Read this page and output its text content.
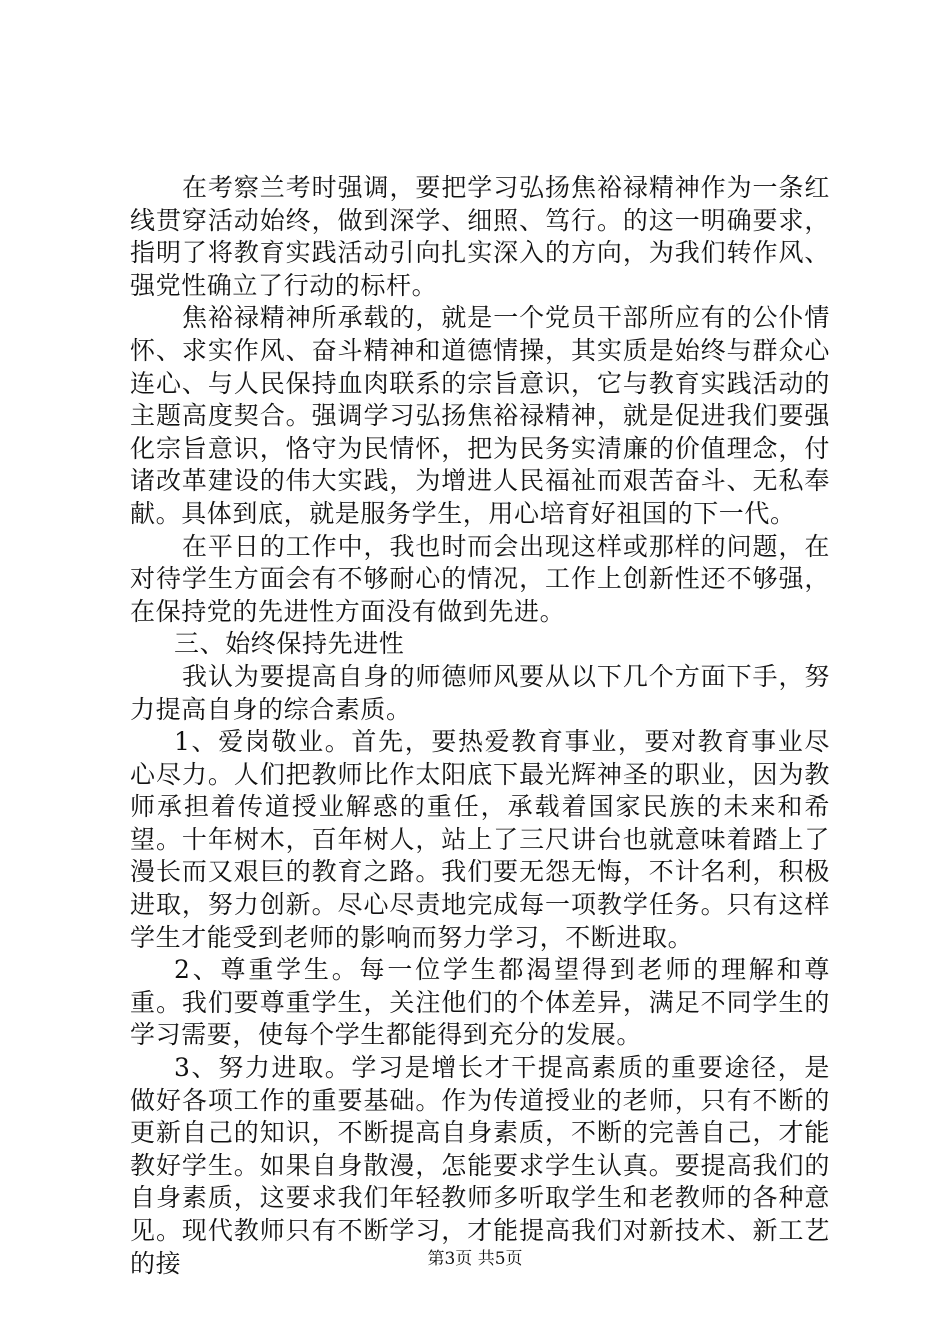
在考察兰考时强调，要把学习弘扬焦裕禄精神作为一条红线贯穿活动始终，做到深学、细照、笃行。的这一明确要求，指明了将教育实践活动引向扎实深入的方向，为我们转作风、强党性确立了行动的标杆。

焦裕禄精神所承载的，就是一个党员干部所应有的公仆情怀、求实作风、奋斗精神和道德情操，其实质是始终与群众心连心、与人民保持血肉联系的宗旨意识，它与教育实践活动的主题高度契合。强调学习弘扬焦裕禄精神，就是促进我们要强化宗旨意识，恪守为民情怀，把为民务实清廉的价值理念，付诸改革建设的伟大实践，为增进人民福祉而艰苦奋斗、无私奉献。具体到底，就是服务学生，用心培育好祖国的下一代。

在平日的工作中，我也时而会出现这样或那样的问题，在对待学生方面会有不够耐心的情况，工作上创新性还不够强，在保持党的先进性方面没有做到先进。

三、始终保持先进性

我认为要提高自身的师德师风要从以下几个方面下手，努力提高自身的综合素质。

1、爱岗敬业。首先，要热爱教育事业，要对教育事业尽心尽力。人们把教师比作太阳底下最光辉神圣的职业，因为教师承担着传道授业解惑的重任，承载着国家民族的未来和希望。十年树木，百年树人，站上了三尺讲台也就意味着踏上了漫长而又艰巨的教育之路。我们要无怨无悔，不计名利，积极进取，努力创新。尽心尽责地完成每一项教学任务。只有这样学生才能受到老师的影响而努力学习，不断进取。

2、尊重学生。每一位学生都渴望得到老师的理解和尊重。我们要尊重学生，关注他们的个体差异，满足不同学生的学习需要，使每个学生都能得到充分的发展。

3、努力进取。学习是增长才干提高素质的重要途径，是做好各项工作的重要基础。作为传道授业的老师，只有不断的更新自己的知识，不断提高自身素质，不断的完善自己，才能教好学生。如果自身散漫，怎能要求学生认真。要提高我们的自身素质，这要求我们年轻教师多听取学生和老教师的各种意见。现代教师只有不断学习，才能提高我们对新技术、新工艺的接	第3页 共5页
